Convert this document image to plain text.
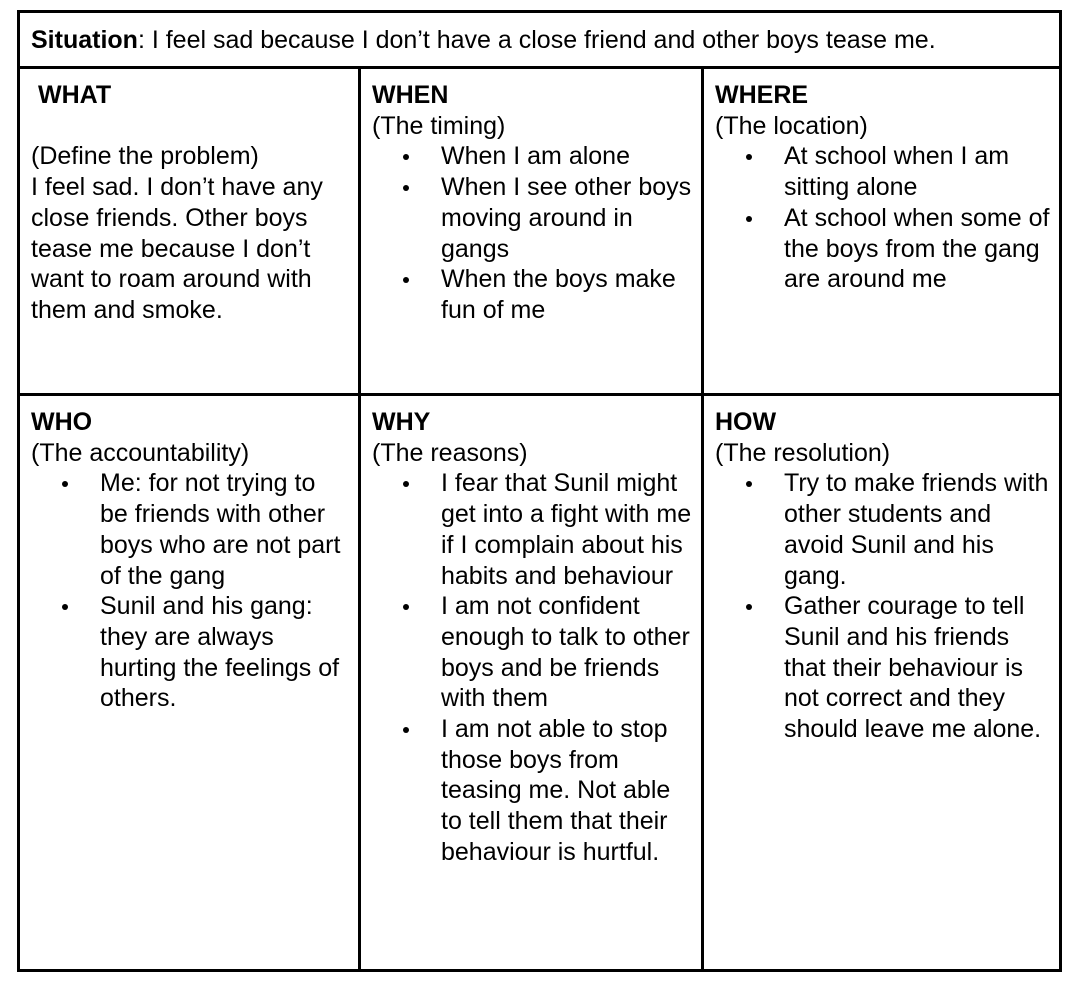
Situation: I feel sad because I don’t have a close friend and other boys tease me.
WHAT
(Define the problem)
I feel sad. I don’t have any close friends. Other boys tease me because I don’t want to roam around with them and smoke.
WHEN
(The timing)
When I am alone
When I see other boys moving around in gangs
When the boys make fun of me
WHERE
(The location)
At school when I am sitting alone
At school when some of the boys from the gang are around me
WHO
(The accountability)
Me: for not trying to be friends with other boys who are not part of the gang
Sunil and his gang: they are always hurting the feelings of others.
WHY
(The reasons)
I fear that Sunil might get into a fight with me if I complain about his habits and behaviour
I am not confident enough to talk to other boys and be friends with them
I am not able to stop those boys from teasing me. Not able to tell them that their behaviour is hurtful.
HOW
(The resolution)
Try to make friends with other students and avoid Sunil and his gang.
Gather courage to tell Sunil and his friends that their behaviour is not correct and they should leave me alone.
